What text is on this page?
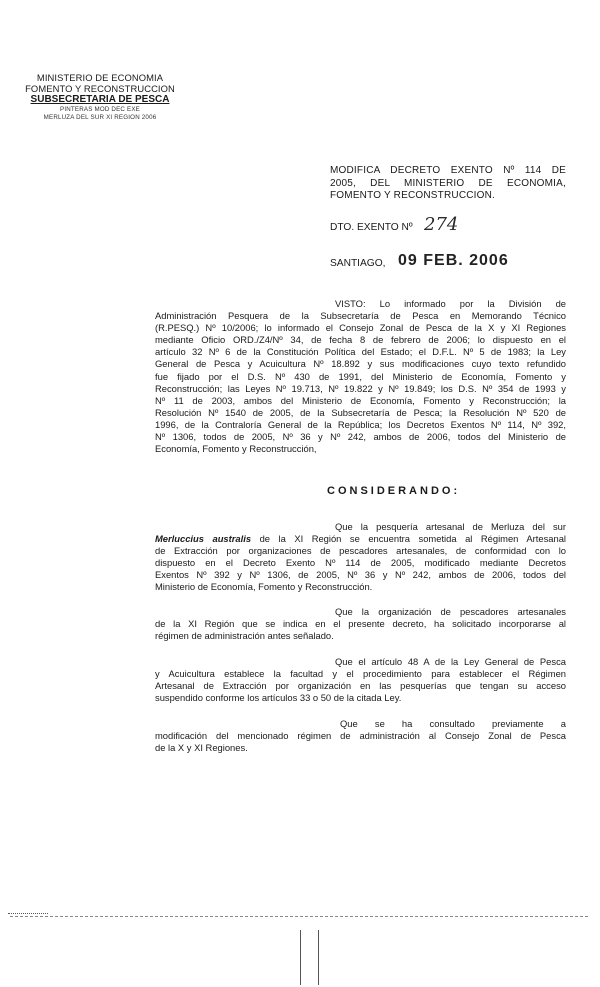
MINISTERIO DE ECONOMIA
FOMENTO Y RECONSTRUCCION
SUBSECRETARIA DE PESCA
PINTERAS MOD DEC EXE
MERLUZA DEL SUR XI REGION 2006
MODIFICA DECRETO EXENTO Nº 114 DE
2005, DEL MINISTERIO DE ECONOMIA,
FOMENTO Y RECONSTRUCCION.
DTO. EXENTO Nº 274
SANTIAGO, 09 FEB. 2006
VISTO: Lo informado por la División de
Administración Pesquera de la Subsecretaría de Pesca en Memorando Técnico
(R.PESQ.) Nº 10/2006; lo informado el Consejo Zonal de Pesca de la X y XI Regiones
mediante Oficio ORD./Z4/Nº 34, de fecha 8 de febrero de 2006; lo dispuesto en el
artículo 32 Nº 6 de la Constitución Política del Estado; el D.F.L. Nº 5 de 1983; la Ley
General de Pesca y Acuicultura Nº 18.892 y sus modificaciones cuyo texto refundido
fue fijado por el D.S. Nº 430 de 1991, del Ministerio de Economía, Fomento y
Reconstrucción; las Leyes Nº 19.713, Nº 19.822 y Nº 19.849; los D.S. Nº 354 de 1993 y
Nº 11 de 2003, ambos del Ministerio de Economía, Fomento y Reconstrucción; la
Resolución Nº 1540 de 2005, de la Subsecretaría de Pesca; la Resolución Nº 520 de
1996, de la Contraloría General de la República; los Decretos Exentos Nº 114, Nº 392,
Nº 1306, todos de 2005, Nº 36 y Nº 242, ambos de 2006, todos del Ministerio de
Economía, Fomento y Reconstrucción,
CONSIDERANDO:
Que la pesquería artesanal de Merluza del sur
Merluccius australis de la XI Región se encuentra sometida al Régimen Artesanal
de Extracción por organizaciones de pescadores artesanales, de conformidad con lo
dispuesto en el Decreto Exento Nº 114 de 2005, modificado mediante Decretos
Exentos Nº 392 y Nº 1306, de 2005, Nº 36 y Nº 242, ambos de 2006, todos del
Ministerio de Economía, Fomento y Reconstrucción.
Que la organización de pescadores artesanales
de la XI Región que se indica en el presente decreto, ha solicitado incorporarse al
régimen de administración antes señalado.
Que el artículo 48 A de la Ley General de Pesca
y Acuicultura establece la facultad y el procedimiento para establecer el Régimen
Artesanal de Extracción por organización en las pesquerías que tengan su acceso
suspendido conforme los artículos 33 o 50 de la citada Ley.
Que se ha consultado previamente a
modificación del mencionado régimen de administración al Consejo Zonal de Pesca
de la X y XI Regiones.
